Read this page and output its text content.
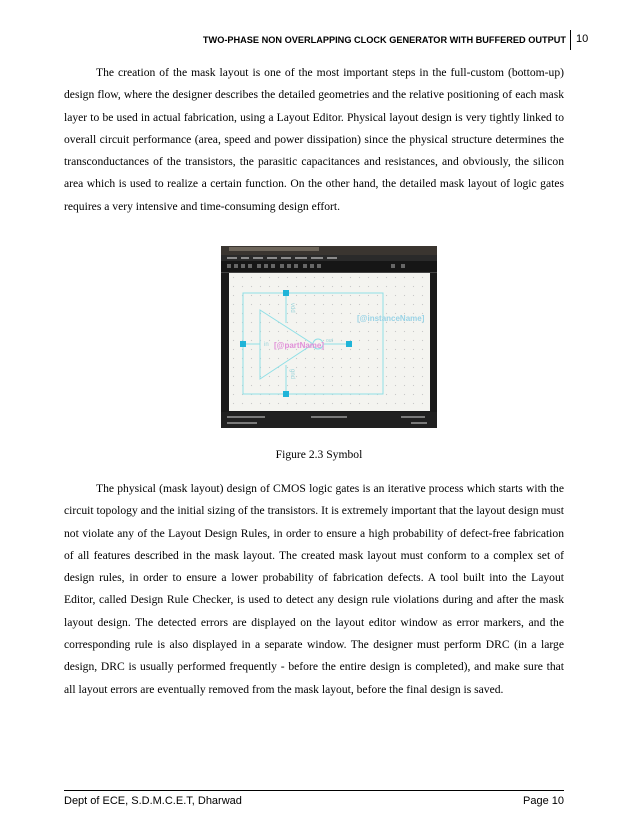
TWO-PHASE NON OVERLAPPING CLOCK GENERATOR WITH BUFFERED OUTPUT 10

The creation of the mask layout is one of the most important steps in the full-custom (bottom-up) design flow, where the designer describes the detailed geometries and the relative positioning of each mask layer to be used in actual fabrication, using a Layout Editor. Physical layout design is very tightly linked to overall circuit performance (area, speed and power dissipation) since the physical structure determines the transconductances of the transistors, the parasitic capacitances and resistances, and obviously, the silicon area which is used to realize a certain function. On the other hand, the detailed mask layout of logic gates requires a very intensive and time-consuming design effort.

in
out
vdd
gnd
[@partName]
[@instanceName]
Figure 2.3 Symbol

The physical (mask layout) design of CMOS logic gates is an iterative process which starts with the circuit topology and the initial sizing of the transistors. It is extremely important that the layout design must not violate any of the Layout Design Rules, in order to ensure a high probability of defect-free fabrication of all features described in the mask layout. The created mask layout must conform to a complex set of design rules, in order to ensure a lower probability of fabrication defects. A tool built into the Layout Editor, called Design Rule Checker, is used to detect any design rule violations during and after the mask layout design. The detected errors are displayed on the layout editor window as error markers, and the corresponding rule is also displayed in a separate window. The designer must perform DRC (in a large design, DRC is usually performed frequently - before the entire design is completed), and make sure that all layout errors are eventually removed from the mask layout, before the final design is saved.

Dept of ECE, S.D.M.C.E.T, Dharwad	Page 10
